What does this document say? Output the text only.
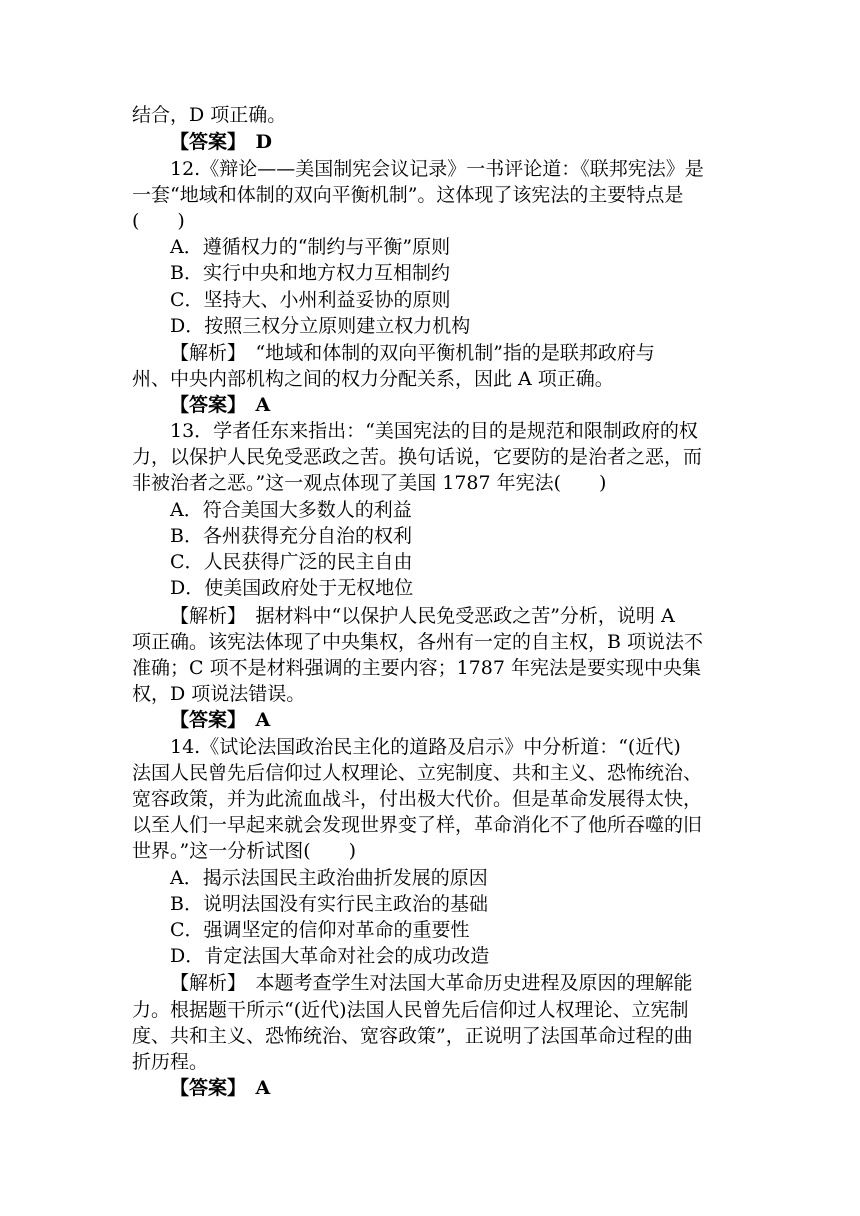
结合，D 项正确。
【答案】　D
12.《辩论——美国制宪会议记录》一书评论道：《联邦宪法》是
一套“地域和体制的双向平衡机制”。这体现了该宪法的主要特点是
(　　)
A．遵循权力的“制约与平衡”原则
B．实行中央和地方权力互相制约
C．坚持大、小州利益妥协的原则
D．按照三权分立原则建立权力机构
【解析】　“地域和体制的双向平衡机制”指的是联邦政府与
州、中央内部机构之间的权力分配关系，因此 A 项正确。
【答案】　A
13．学者任东来指出：“美国宪法的目的是规范和限制政府的权
力，以保护人民免受恶政之苦。换句话说，它要防的是治者之恶，而
非被治者之恶。”这一观点体现了美国 1787 年宪法(　　)
A．符合美国大多数人的利益
B．各州获得充分自治的权利
C．人民获得广泛的民主自由
D．使美国政府处于无权地位
【解析】　据材料中“以保护人民免受恶政之苦”分析，说明 A
项正确。该宪法体现了中央集权，各州有一定的自主权，B 项说法不
准确；C 项不是材料强调的主要内容；1787 年宪法是要实现中央集
权，D 项说法错误。
【答案】　A
14.《试论法国政治民主化的道路及启示》中分析道：“(近代)
法国人民曾先后信仰过人权理论、立宪制度、共和主义、恐怖统治、
宽容政策，并为此流血战斗，付出极大代价。但是革命发展得太快，
以至人们一早起来就会发现世界变了样，革命消化不了他所吞噬的旧
世界。”这一分析试图(　　)
A．揭示法国民主政治曲折发展的原因
B．说明法国没有实行民主政治的基础
C．强调坚定的信仰对革命的重要性
D．肯定法国大革命对社会的成功改造
【解析】　本题考查学生对法国大革命历史进程及原因的理解能
力。根据题干所示“(近代)法国人民曾先后信仰过人权理论、立宪制
度、共和主义、恐怖统治、宽容政策”，正说明了法国革命过程的曲
折历程。
【答案】　A
